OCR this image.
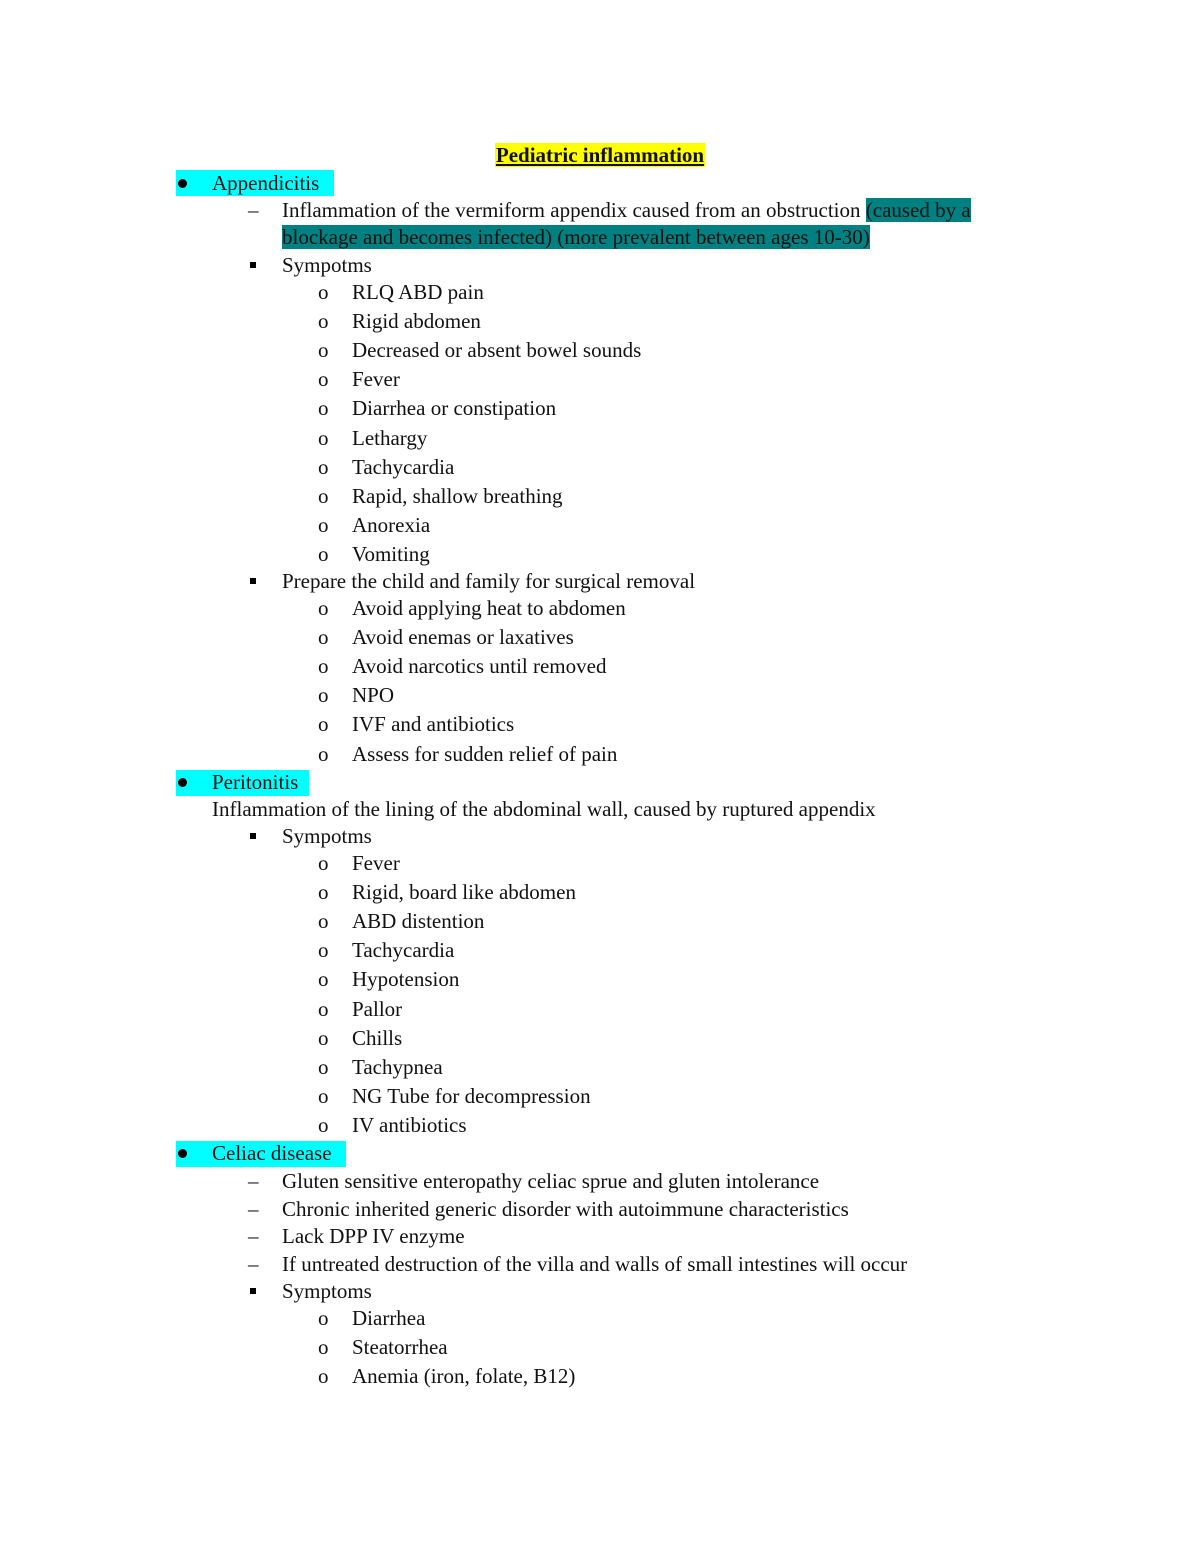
Pediatric inflammation
Appendicitis
– Inflammation of the vermiform appendix caused from an obstruction (caused by a
blockage and becomes infected) (more prevalent between ages 10-30)
Sympotms
o RLQ ABD pain
o Rigid abdomen
o Decreased or absent bowel sounds
o Fever
o Diarrhea or constipation
o Lethargy
o Tachycardia
o Rapid, shallow breathing
o Anorexia
o Vomiting
Prepare the child and family for surgical removal
o Avoid applying heat to abdomen
o Avoid enemas or laxatives
o Avoid narcotics until removed
o NPO
o IVF and antibiotics
o Assess for sudden relief of pain
Peritonitis
Inflammation of the lining of the abdominal wall, caused by ruptured appendix
Sympotms
o Fever
o Rigid, board like abdomen
o ABD distention
o Tachycardia
o Hypotension
o Pallor
o Chills
o Tachypnea
o NG Tube for decompression
o IV antibiotics
Celiac disease
– Gluten sensitive enteropathy celiac sprue and gluten intolerance
– Chronic inherited generic disorder with autoimmune characteristics
– Lack DPP IV enzyme
– If untreated destruction of the villa and walls of small intestines will occur
Symptoms
o Diarrhea
o Steatorrhea
o Anemia (iron, folate, B12)
